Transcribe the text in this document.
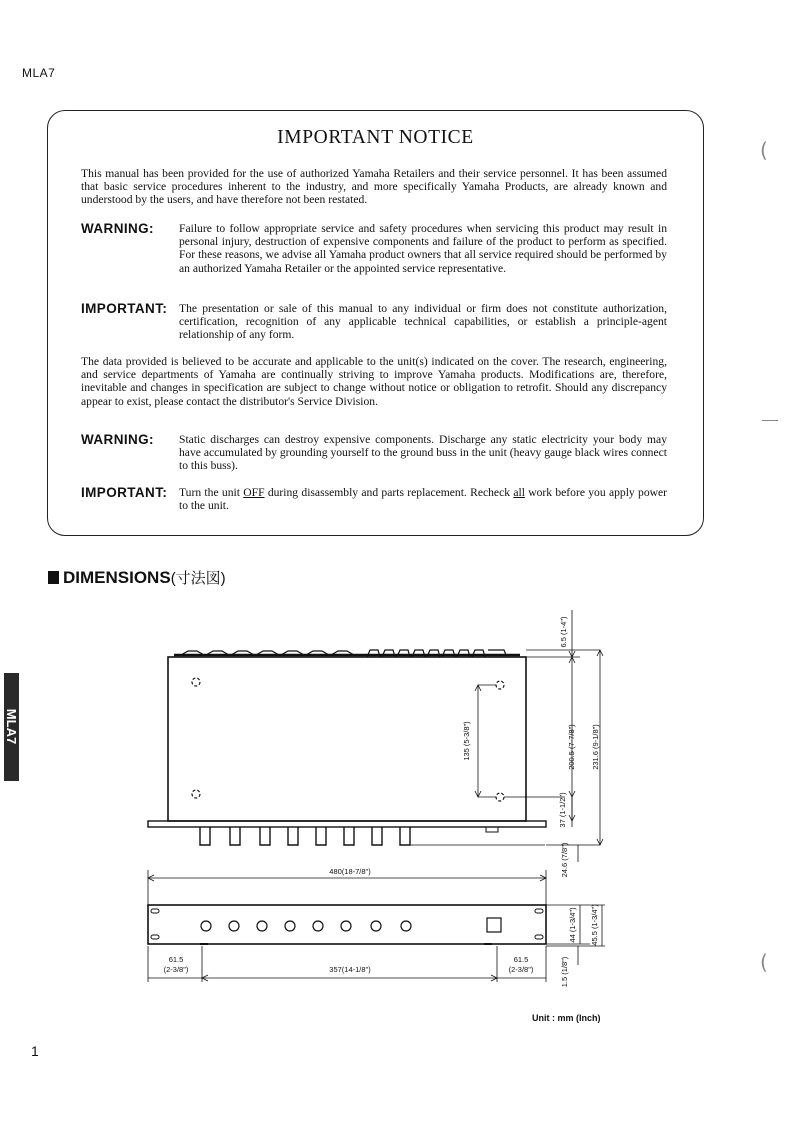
MLA7
IMPORTANT NOTICE
This manual has been provided for the use of authorized Yamaha Retailers and their service personnel. It has been assumed that basic service procedures inherent to the industry, and more specifically Yamaha Products, are already known and understood by the users, and have therefore not been restated.
WARNING: Failure to follow appropriate service and safety procedures when servicing this product may result in personal injury, destruction of expensive components and failure of the product to perform as specified. For these reasons, we advise all Yamaha product owners that all service required should be performed by an authorized Yamaha Retailer or the appointed service representative.
IMPORTANT: The presentation or sale of this manual to any individual or firm does not constitute authorization, certification, recognition of any applicable technical capabilities, or establish a principle-agent relationship of any form.
The data provided is believed to be accurate and applicable to the unit(s) indicated on the cover. The research, engineering, and service departments of Yamaha are continually striving to improve Yamaha products. Modifications are, therefore, inevitable and changes in specification are subject to change without notice or obligation to retrofit. Should any discrepancy appear to exist, please contact the distributor's Service Division.
WARNING: Static discharges can destroy expensive components. Discharge any static electricity your body may have accumulated by grounding yourself to the ground buss in the unit (heavy gauge black wires connect to this buss).
IMPORTANT: Turn the unit OFF during disassembly and parts replacement. Recheck all work before you apply power to the unit.
(
(
DIMENSIONS (寸法図)
MLA7
6.5 (1-4")
135 (5-3/8")	200.5 (7-7/8") 231.6 (9-1/8")
37 (1-1/2")
24.6 (7/8")
480(18-7/8")
44 (1-3/4") 45.5 (1-3/4")
61.5
(2-3/8")	357(14-1/8")
61.5
(2-3/8")	1.5 (1/8")
Unit : mm (Inch)
1
